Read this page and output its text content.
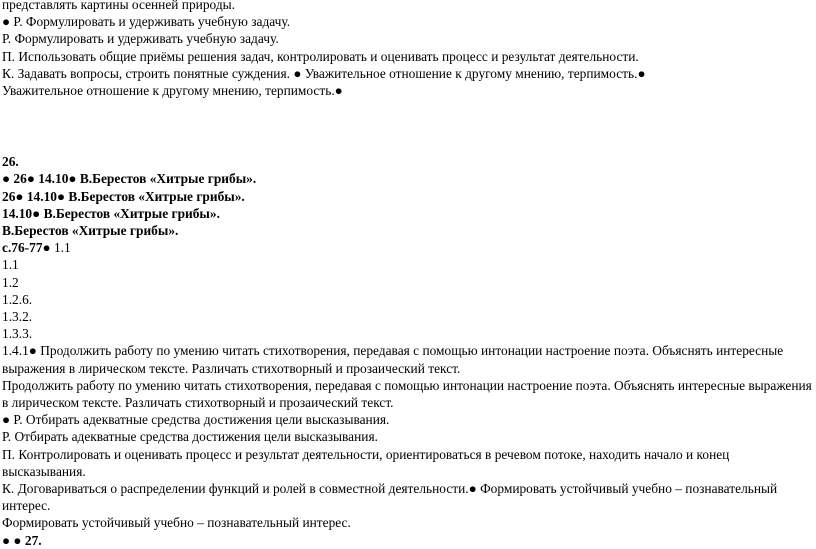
представлять картины осенней природы.
● Р. Формулировать и удерживать учебную задачу.
Р. Формулировать и удерживать учебную задачу.
П. Использовать общие приёмы решения задач, контролировать и оценивать процесс и результат деятельности.
К. Задавать вопросы, строить понятные суждения. ● Уважительное отношение к другому мнению, терпимость.●
Уважительное отношение к другому мнению, терпимость.●
26.
● 26● 14.10● В.Берестов «Хитрые грибы».
26● 14.10● В.Берестов «Хитрые грибы».
14.10● В.Берестов «Хитрые грибы».
В.Берестов «Хитрые грибы».
с.76-77● 1.1
1.1
1.2
1.2.6.
1.3.2.
1.3.3.
1.4.1● Продолжить работу по умению читать стихотворения, передавая с помощью интонации настроение поэта. Объяснять интересные выражения в лирическом тексте. Различать стихотворный и прозаический текст.
Продолжить работу по умению читать стихотворения, передавая с помощью интонации настроение поэта. Объяснять интересные выражения в лирическом тексте. Различать стихотворный и прозаический текст.
● Р. Отбирать адекватные средства достижения цели высказывания.
Р. Отбирать адекватные средства достижения цели высказывания.
П. Контролировать и оценивать процесс и результат деятельности, ориентироваться в речевом потоке, находить начало и конец высказывания.
К. Договариваться о распределении функций и ролей в совместной деятельности.● Формировать устойчивый учебно – познавательный интерес.
Формировать устойчивый учебно – познавательный интерес.
● ● 27.
